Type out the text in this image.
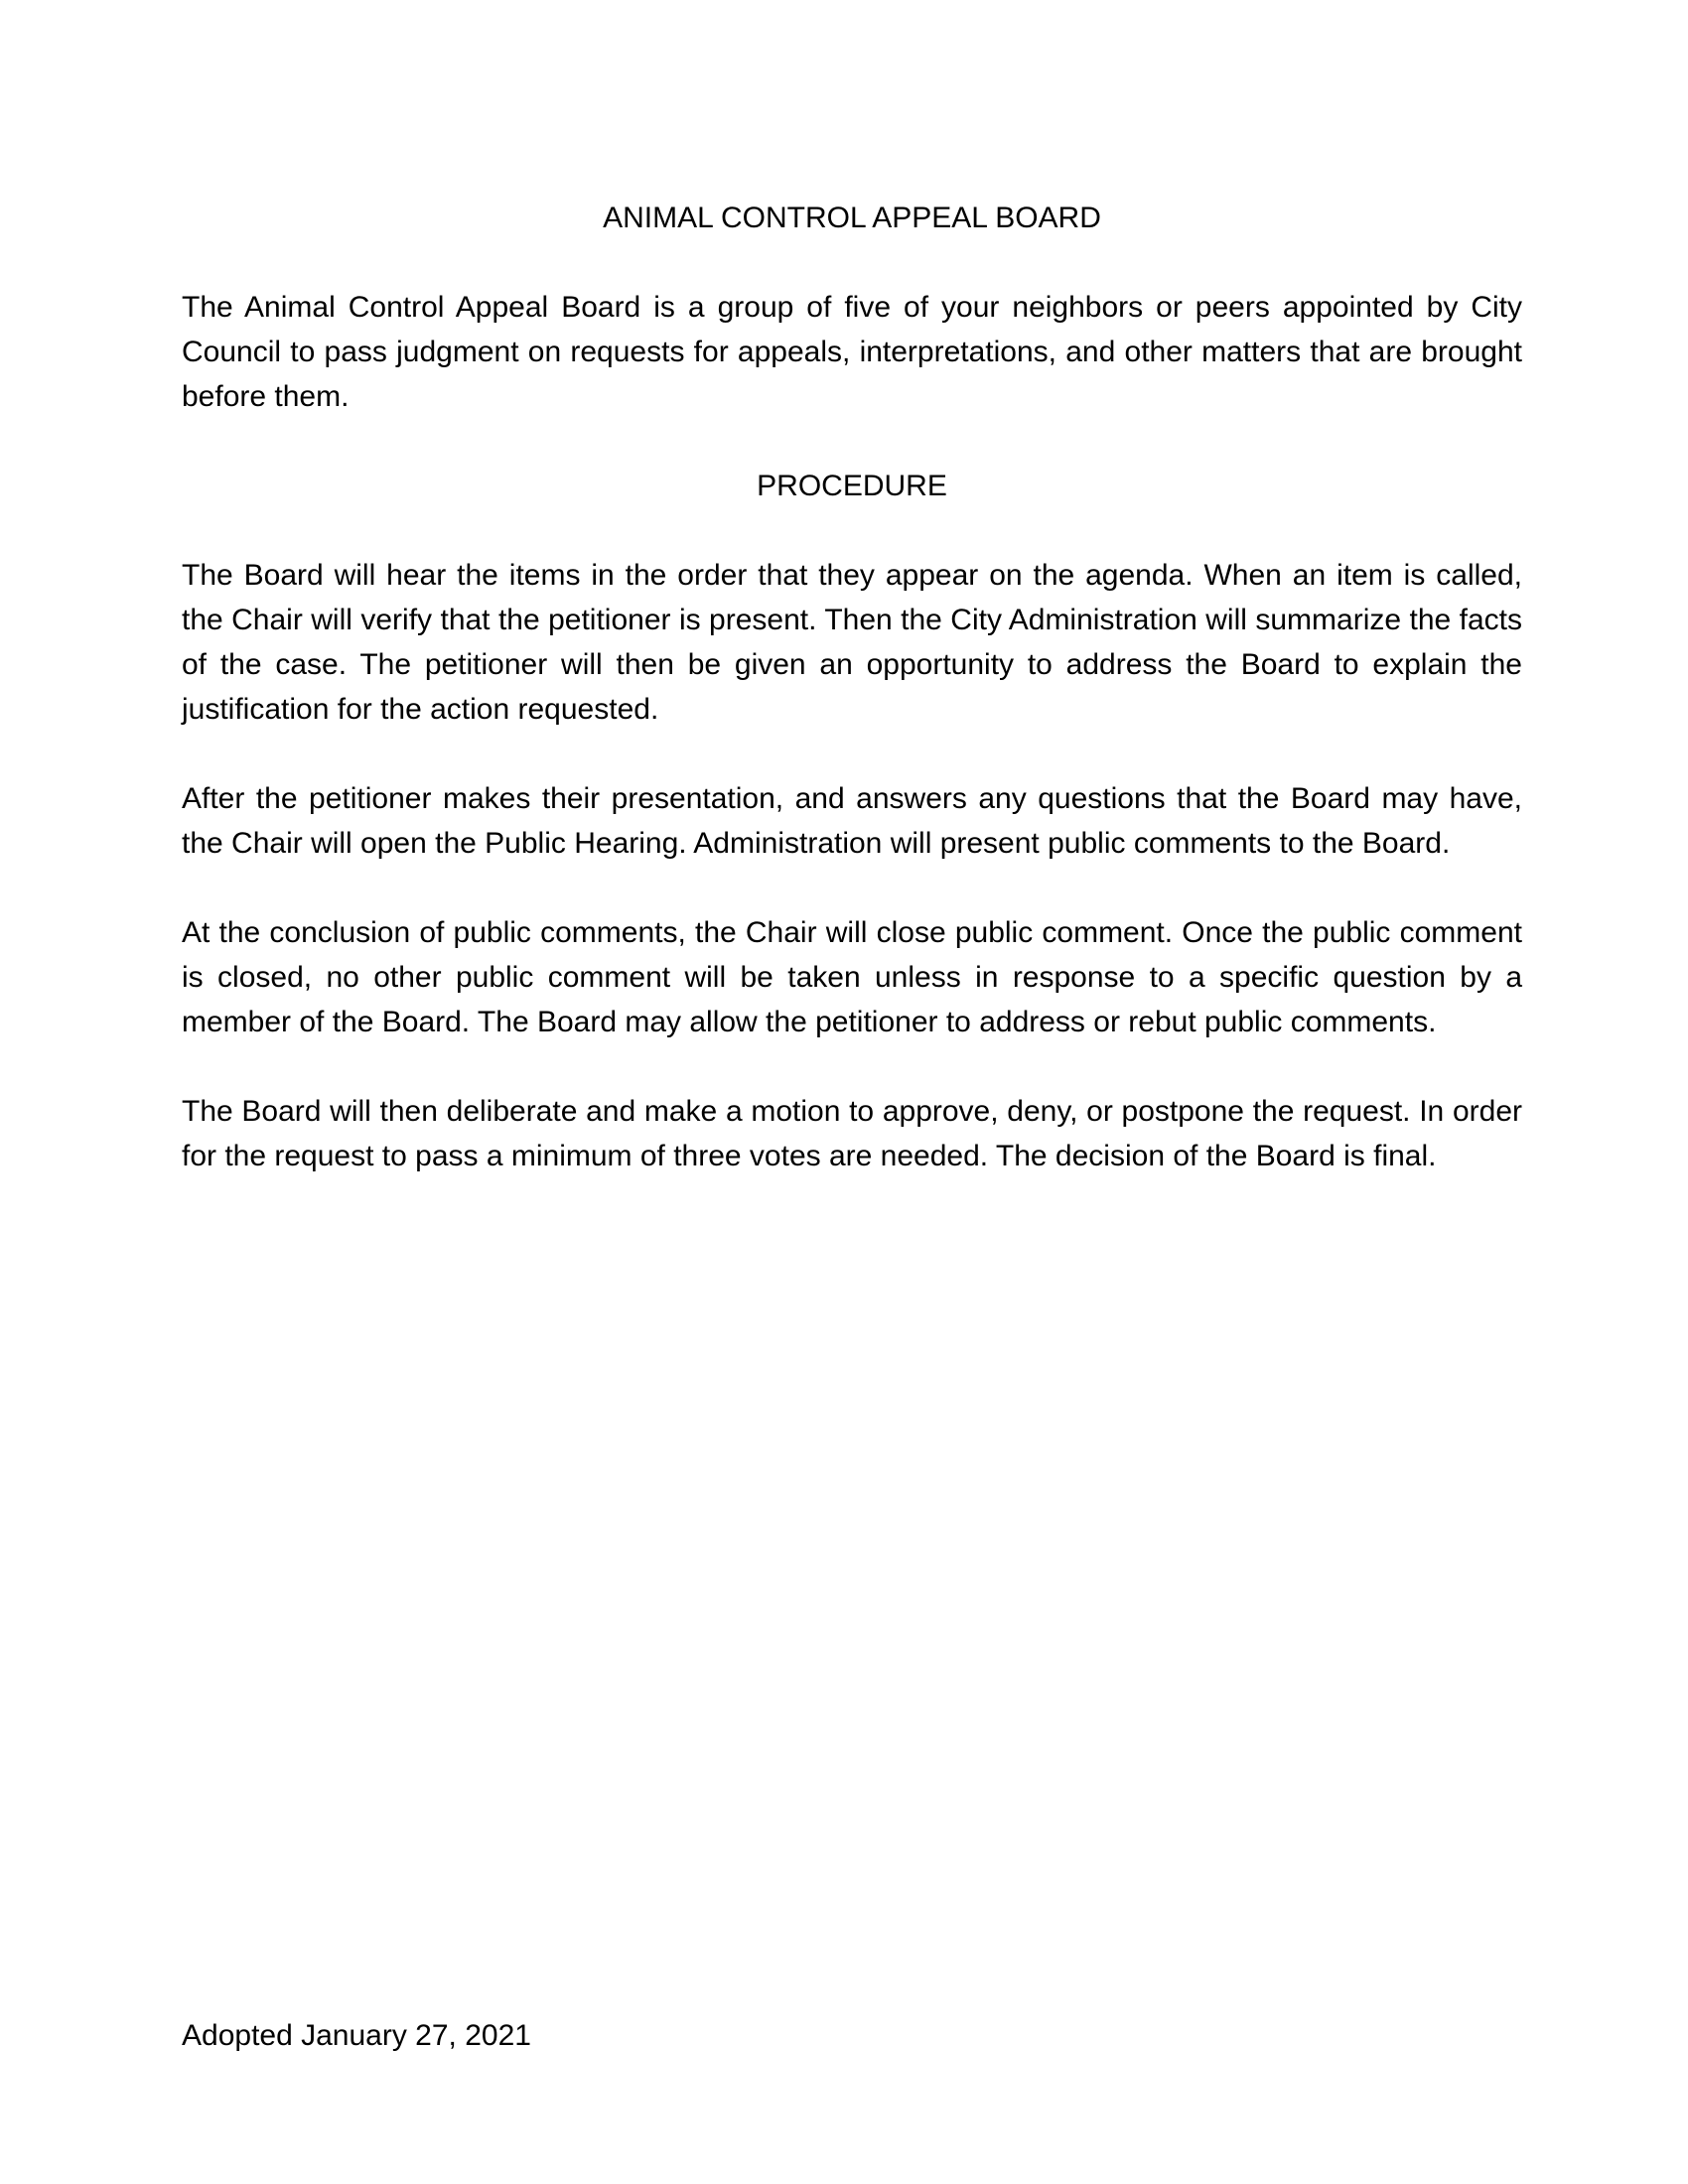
ANIMAL CONTROL APPEAL BOARD

The Animal Control Appeal Board is a group of five of your neighbors or peers appointed by City Council to pass judgment on requests for appeals, interpretations, and other matters that are brought before them.

PROCEDURE

The Board will hear the items in the order that they appear on the agenda. When an item is called, the Chair will verify that the petitioner is present. Then the City Administration will summarize the facts of the case. The petitioner will then be given an opportunity to address the Board to explain the justification for the action requested.

After the petitioner makes their presentation, and answers any questions that the Board may have, the Chair will open the Public Hearing. Administration will present public comments to the Board.

At the conclusion of public comments, the Chair will close public comment. Once the public comment is closed, no other public comment will be taken unless in response to a specific question by a member of the Board. The Board may allow the petitioner to address or rebut public comments.

The Board will then deliberate and make a motion to approve, deny, or postpone the request. In order for the request to pass a minimum of three votes are needed. The decision of the Board is final.

Adopted January 27, 2021
